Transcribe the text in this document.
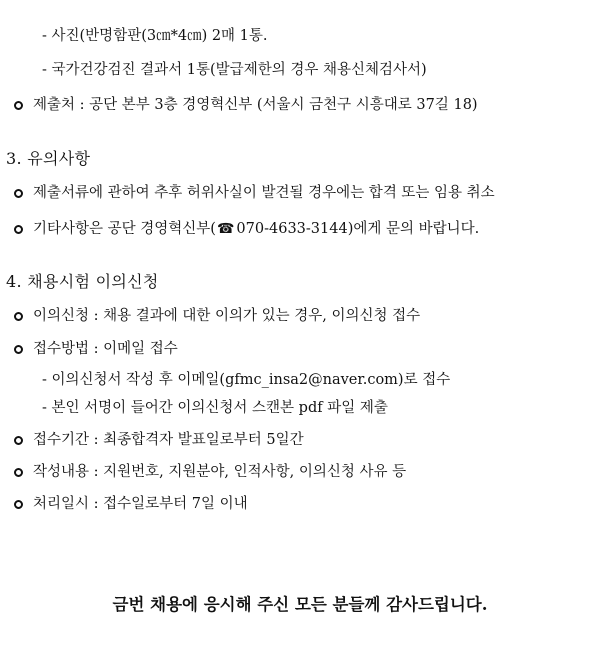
- 사진(반명함판(3㎝*4㎝) 2매 1통.
- 국가건강검진 결과서 1통(발급제한의 경우 채용신체검사서)
제출처 : 공단 본부 3층 경영혁신부 (서울시 금천구 시흥대로 37길 18)
3. 유의사항
제출서류에 관하여 추후 허위사실이 발견될 경우에는 합격 또는 임용 취소
기타사항은 공단 경영혁신부( ☎ 070-4633-3144 )에게 문의 바랍니다.
4. 채용시험 이의신청
이의신청 : 채용 결과에 대한 이의가 있는 경우, 이의신청 접수
접수방법 : 이메일 접수
- 이의신청서 작성 후 이메일(gfmc_insa2@naver.com)로 접수
- 본인 서명이 들어간 이의신청서 스캔본 pdf 파일 제출
접수기간 : 최종합격자 발표일로부터 5일간
작성내용 : 지원번호, 지원분야, 인적사항, 이의신청 사유 등
처리일시 : 접수일로부터 7일 이내
금번 채용에 응시해 주신 모든 분들께 감사드립니다.
